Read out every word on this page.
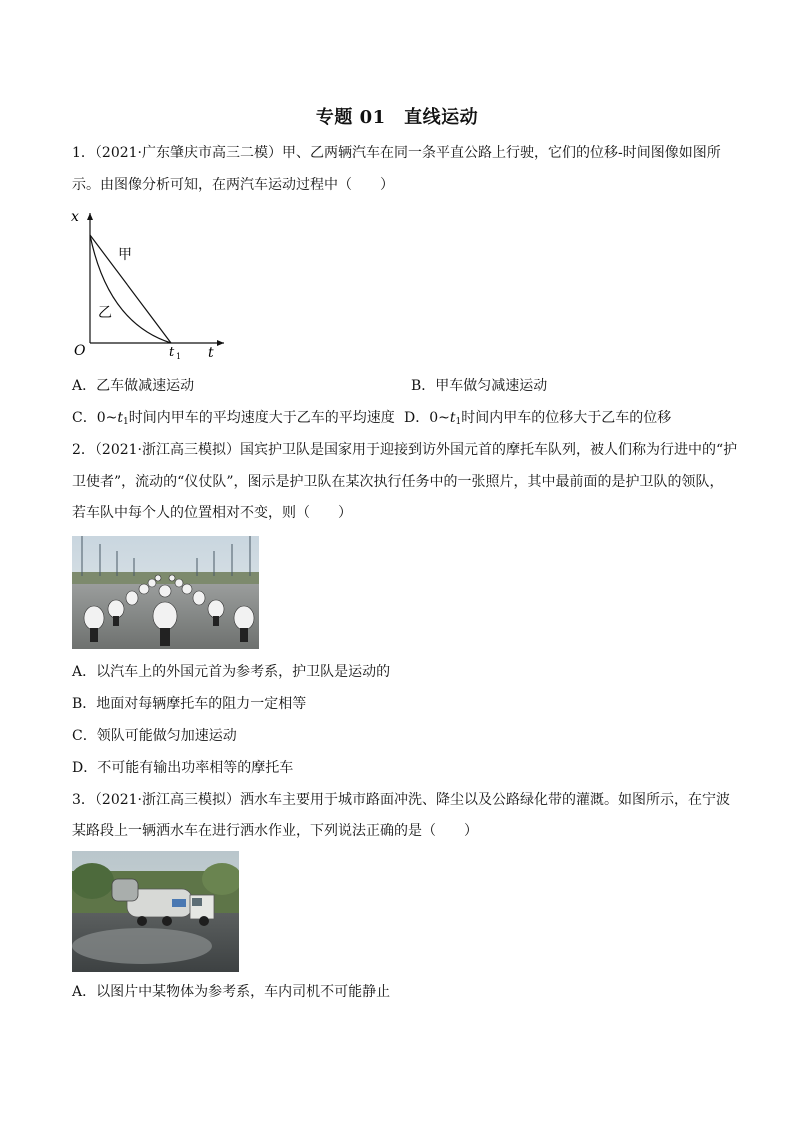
专题 01　直线运动
1．（2021·广东肇庆市高三二模）甲、乙两辆汽车在同一条平直公路上行驶，它们的位移-时间图像如图所
示。由图像分析可知，在两汽车运动过程中（　　）
x
t
O	t 1
甲
乙
A．乙车做减速运动	B．甲车做匀减速运动
C．$0\sim t_1$时间内甲车的平均速度大于乙车的平均速度 D．$0\sim t_1$时间内甲车的位移大于乙车的位移
2．（2021·浙江高三模拟）国宾护卫队是国家用于迎接到访外国元首的摩托车队列，被人们称为行进中的“护
卫使者”，流动的“仪仗队”，图示是护卫队在某次执行任务中的一张照片，其中最前面的是护卫队的领队，
若车队中每个人的位置相对不变，则（　　）
A．以汽车上的外国元首为参考系，护卫队是运动的
B．地面对每辆摩托车的阻力一定相等
C．领队可能做匀加速运动
D．不可能有输出功率相等的摩托车
3．（2021·浙江高三模拟）洒水车主要用于城市路面冲洗、降尘以及公路绿化带的灌溉。如图所示，在宁波
某路段上一辆洒水车在进行洒水作业，下列说法正确的是（　　）
A．以图片中某物体为参考系，车内司机不可能静止
